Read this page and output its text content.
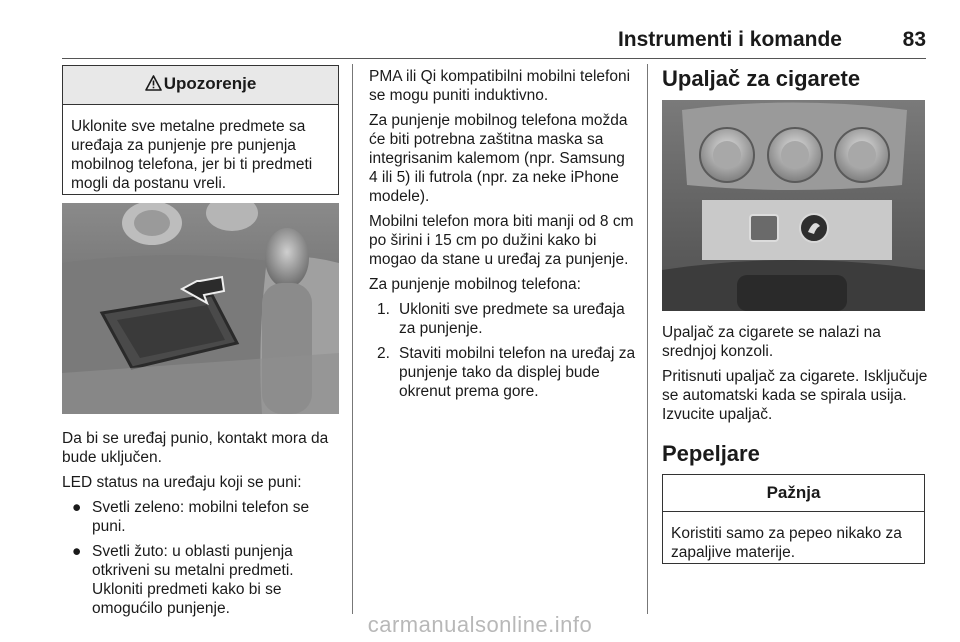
Instrumenti i komande	83
Upozorenje
Uklonite sve metalne predmete sa uređaja za punjenje pre punjenja mobilnog telefona, jer bi ti predmeti mogli da postanu vreli.
Da bi se uređaj punio, kontakt mora da bude uključen.
LED status na uređaju koji se puni:
● Svetli zeleno: mobilni telefon se puni.
● Svetli žuto: u oblasti punjenja otkriveni su metalni predmeti. Ukloniti predmeti kako bi se omogućilo punjenje.
PMA ili Qi kompatibilni mobilni telefoni se mogu puniti induktivno.
Za punjenje mobilnog telefona možda će biti potrebna zaštitna maska sa integrisanim kalemom (npr. Samsung 4 ili 5) ili futrola (npr. za neke iPhone modele).
Mobilni telefon mora biti manji od 8 cm po širini i 15 cm po dužini kako bi mogao da stane u uređaj za punjenje.
Za punjenje mobilnog telefona:
1. Ukloniti sve predmete sa uređaja za punjenje.
2. Staviti mobilni telefon na uređaj za punjenje tako da displej bude okrenut prema gore.
Upaljač za cigarete
Upaljač za cigarete se nalazi na srednjoj konzoli.
Pritisnuti upaljač za cigarete. Isključuje se automatski kada se spirala usija. Izvucite upaljač.
Pepeljare
Pažnja
Koristiti samo za pepeo nikako za zapaljive materije.
carmanualsonline.info
